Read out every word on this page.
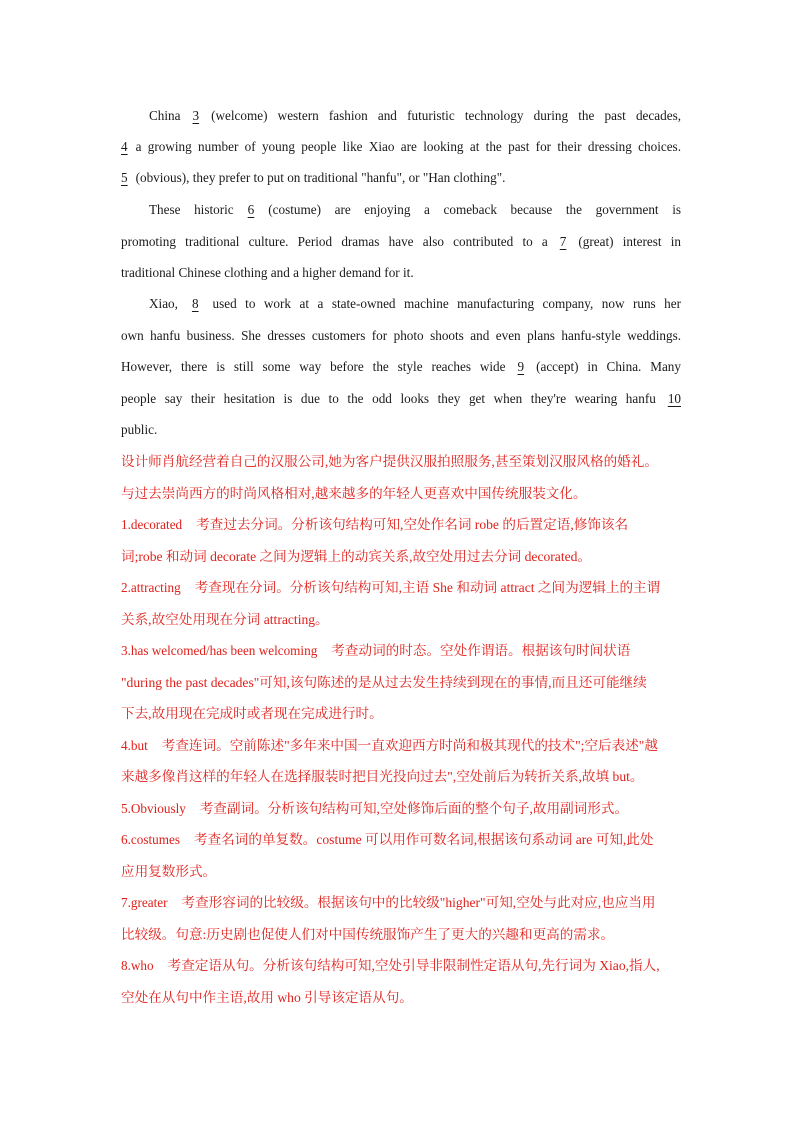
China 3 (welcome) western fashion and futuristic technology during the past decades,
4 a growing number of young people like Xiao are looking at the past for their dressing choices.
5 (obvious), they prefer to put on traditional "hanfu", or "Han clothing".
These historic 6 (costume) are enjoying a comeback because the government is
promoting traditional culture. Period dramas have also contributed to a 7 (great) interest in
traditional Chinese clothing and a higher demand for it.
Xiao, 8 used to work at a state-owned machine manufacturing company, now runs her
own hanfu business. She dresses customers for photo shoots and even plans hanfu-style weddings.
However, there is still some way before the style reaches wide 9 (accept) in China. Many
people say their hesitation is due to the odd looks they get when they're wearing hanfu 10
public.
设计师肖航经营着自己的汉服公司,她为客户提供汉服拍照服务,甚至策划汉服风格的婚礼。
与过去崇尚西方的时尚风格相对,越来越多的年轻人更喜欢中国传统服装文化。
1.decorated 考查过去分词。分析该句结构可知,空处作名词 robe 的后置定语,修饰该名
词;robe 和动词 decorate 之间为逻辑上的动宾关系,故空处用过去分词 decorated。
2.attracting 考查现在分词。分析该句结构可知,主语 She 和动词 attract 之间为逻辑上的主谓
关系,故空处用现在分词 attracting。
3.has welcomed/has been welcoming 考查动词的时态。空处作谓语。根据该句时间状语
"during the past decades"可知,该句陈述的是从过去发生持续到现在的事情,而且还可能继续
下去,故用现在完成时或者现在完成进行时。
4.but 考查连词。空前陈述"多年来中国一直欢迎西方时尚和极其现代的技术";空后表述"越
来越多像肖这样的年轻人在选择服装时把目光投向过去",空处前后为转折关系,故填 but。
5.Obviously 考查副词。分析该句结构可知,空处修饰后面的整个句子,故用副词形式。
6.costumes 考查名词的单复数。costume 可以用作可数名词,根据该句系动词 are 可知,此处
应用复数形式。
7.greater 考查形容词的比较级。根据该句中的比较级"higher"可知,空处与此对应,也应当用
比较级。句意:历史剧也促使人们对中国传统服饰产生了更大的兴趣和更高的需求。
8.who 考查定语从句。分析该句结构可知,空处引导非限制性定语从句,先行词为 Xiao,指人,
空处在从句中作主语,故用 who 引导该定语从句。
